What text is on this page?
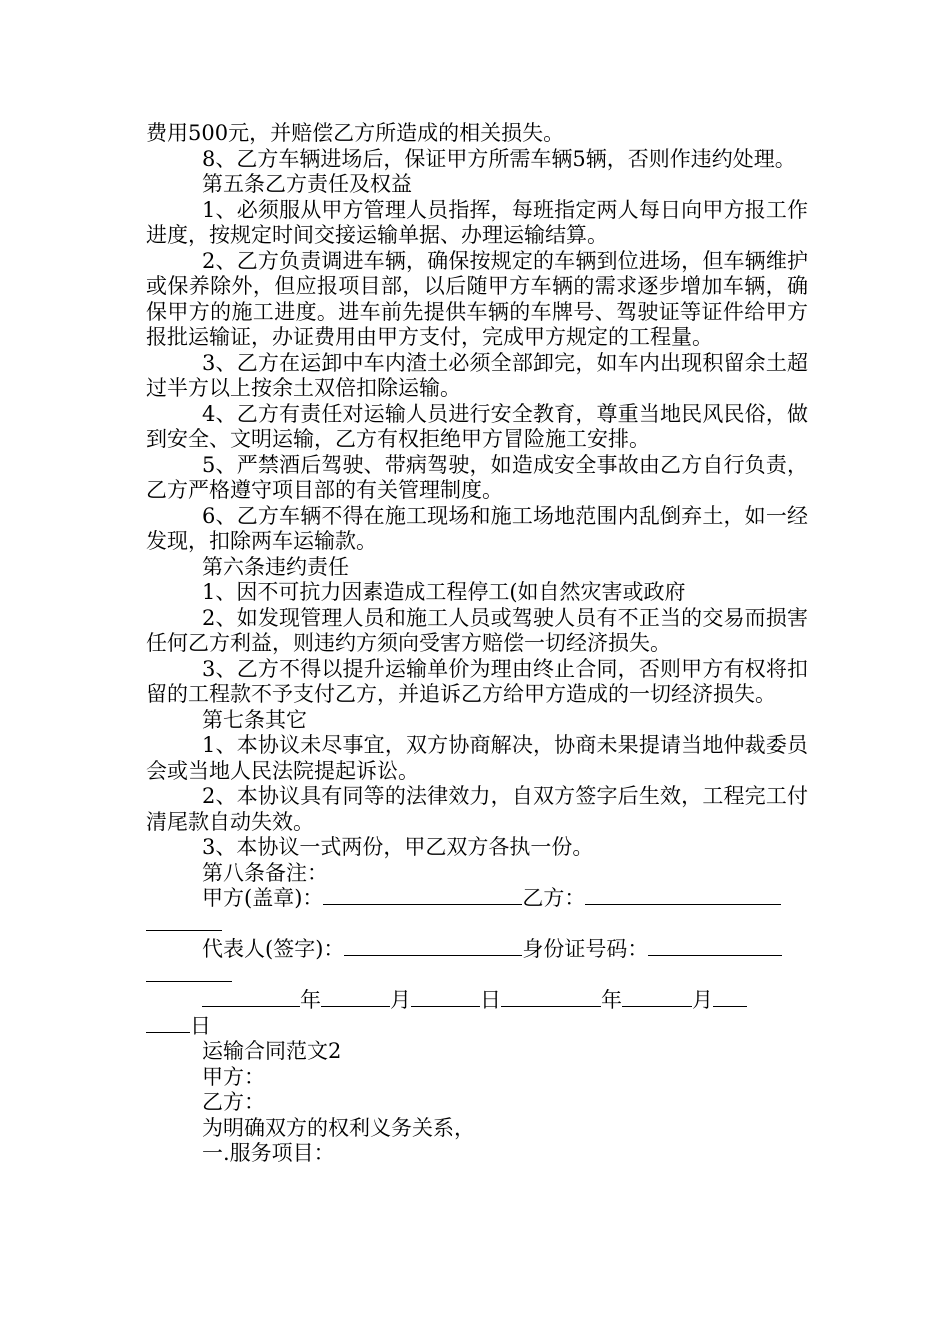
费用500元，并赔偿乙方所造成的相关损失。

8、乙方车辆进场后，保证甲方所需车辆5辆，否则作违约处理。

第五条乙方责任及权益

1、必须服从甲方管理人员指挥，每班指定两人每日向甲方报工作进度，按规定时间交接运输单据、办理运输结算。

2、乙方负责调进车辆，确保按规定的车辆到位进场，但车辆维护或保养除外，但应报项目部，以后随甲方车辆的需求逐步增加车辆，确保甲方的施工进度。进车前先提供车辆的车牌号、驾驶证等证件给甲方报批运输证，办证费用由甲方支付，完成甲方规定的工程量。

3、乙方在运卸中车内渣土必须全部卸完，如车内出现积留余土超过半方以上按余土双倍扣除运输。

4、乙方有责任对运输人员进行安全教育，尊重当地民风民俗，做到安全、文明运输，乙方有权拒绝甲方冒险施工安排。

5、严禁酒后驾驶、带病驾驶，如造成安全事故由乙方自行负责，乙方严格遵守项目部的有关管理制度。

6、乙方车辆不得在施工现场和施工场地范围内乱倒弃土，如一经发现，扣除两车运输款。

第六条违约责任

1、因不可抗力因素造成工程停工(如自然灾害或政府

2、如发现管理人员和施工人员或驾驶人员有不正当的交易而损害任何乙方利益，则违约方须向受害方赔偿一切经济损失。

3、乙方不得以提升运输单价为理由终止合同，否则甲方有权将扣留的工程款不予支付乙方，并追诉乙方给甲方造成的一切经济损失。

第七条其它

1、本协议未尽事宜，双方协商解决，协商未果提请当地仲裁委员会或当地人民法院提起诉讼。

2、本协议具有同等的法律效力，自双方签字后生效，工程完工付清尾款自动失效。

3、本协议一式两份，甲乙双方各执一份。

第八条备注：

甲方(盖章)：	乙方：
代表人(签字)：	身份证号码：
年	月	日	年	月
日

运输合同范文2

甲方：

乙方：

为明确双方的权利义务关系，

一.服务项目：
